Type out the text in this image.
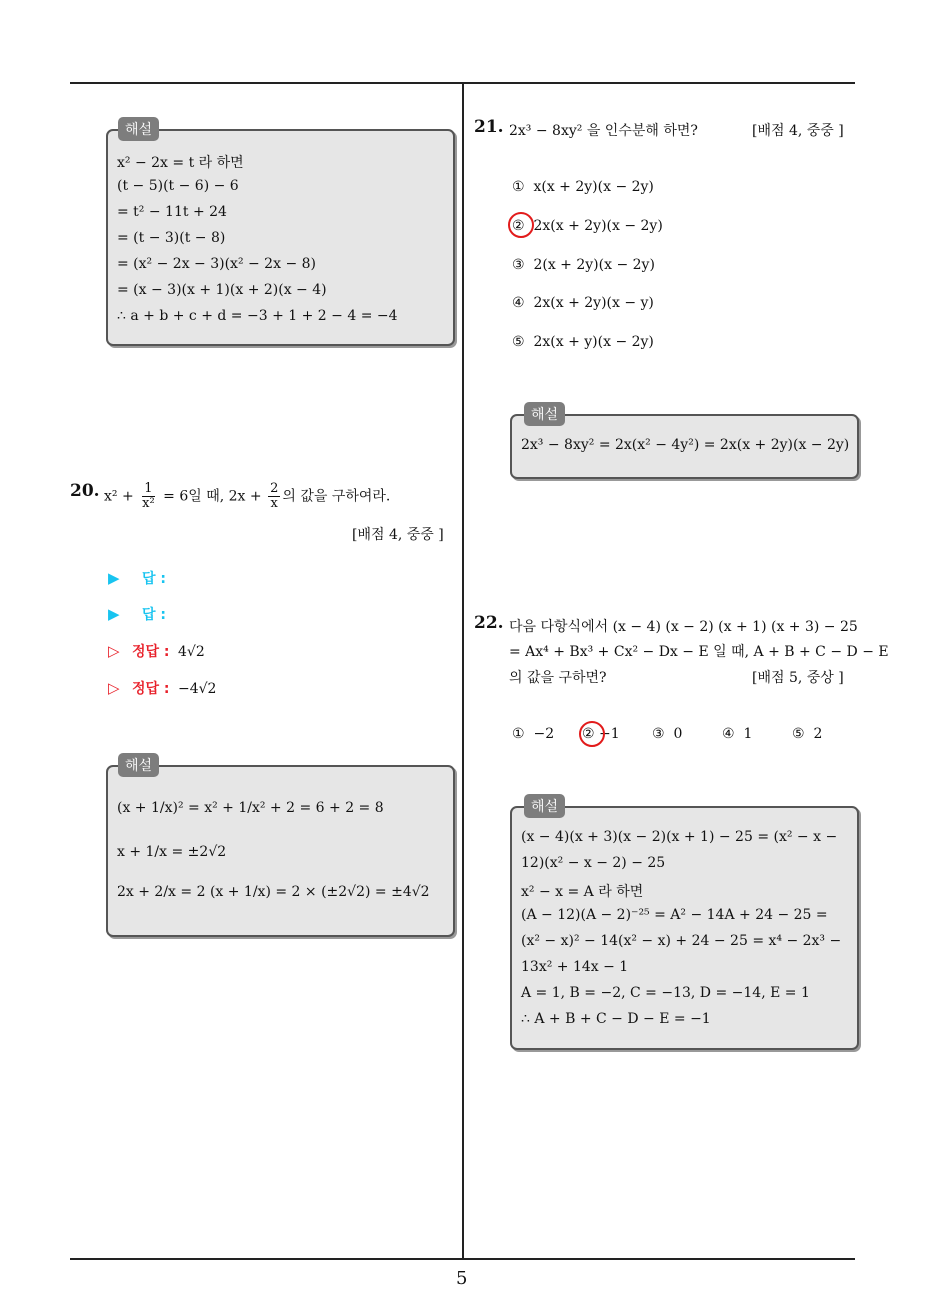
5
해설
x² − 2x = t 라 하면
(t − 5)(t − 6) − 6
= t² − 11t + 24
= (t − 3)(t − 8)
= (x² − 2x − 3)(x² − 2x − 8)
= (x − 3)(x + 1)(x + 2)(x − 4)
∴ a + b + c + d = −3 + 1 + 2 − 4 = −4
20. $x^2 + \frac{1}{\text{x²}} = 6$일 때, $2x + \frac{2}{x}$ 의 값을 구하여라.
[배점 4, 중중 ]
▶ 답 :
▶ 답 :
▷ 정답 : 4√2
▷ 정답 : −4√2
해설
(x + 1/x)² = x² + 1/x² + 2 = 6 + 2 = 8
x + 1/x = ±2√2
2x + 2/x = 2 (x + 1/x) = 2 × (±2√2) = ±4√2
21. 2x³ − 8xy² 을 인수분해 하면?	[배점 4, 중중 ]
① x(x + 2y)(x − 2y)
② 2x(x + 2y)(x − 2y)
③ 2(x + 2y)(x − 2y)
④ 2x(x + 2y)(x − y)
⑤ 2x(x + y)(x − 2y)
해설
2x³ − 8xy² = 2x(x² − 4y²) = 2x(x + 2y)(x − 2y)
22. 다음 다항식에서 (x − 4) (x − 2) (x + 1) (x + 3) − 25
= Ax⁴ + Bx³ + Cx² − Dx − E 일 때, A + B + C − D − E
의 값을 구하면?	[배점 5, 중상 ]
① −2 ② −1 ③ 0	④ 1	⑤ 2
해설
(x − 4)(x + 3)(x − 2)(x + 1) − 25 = (x² − x −
12)(x² − x − 2) − 25
x² − x = A 라 하면
(A − 12)(A − 2)⁻²⁵ = A² − 14A + 24 − 25 =
(x² − x)² − 14(x² − x) + 24 − 25 = x⁴ − 2x³ −
13x² + 14x − 1
A = 1, B = −2, C = −13, D = −14, E = 1
∴ A + B + C − D − E = −1
